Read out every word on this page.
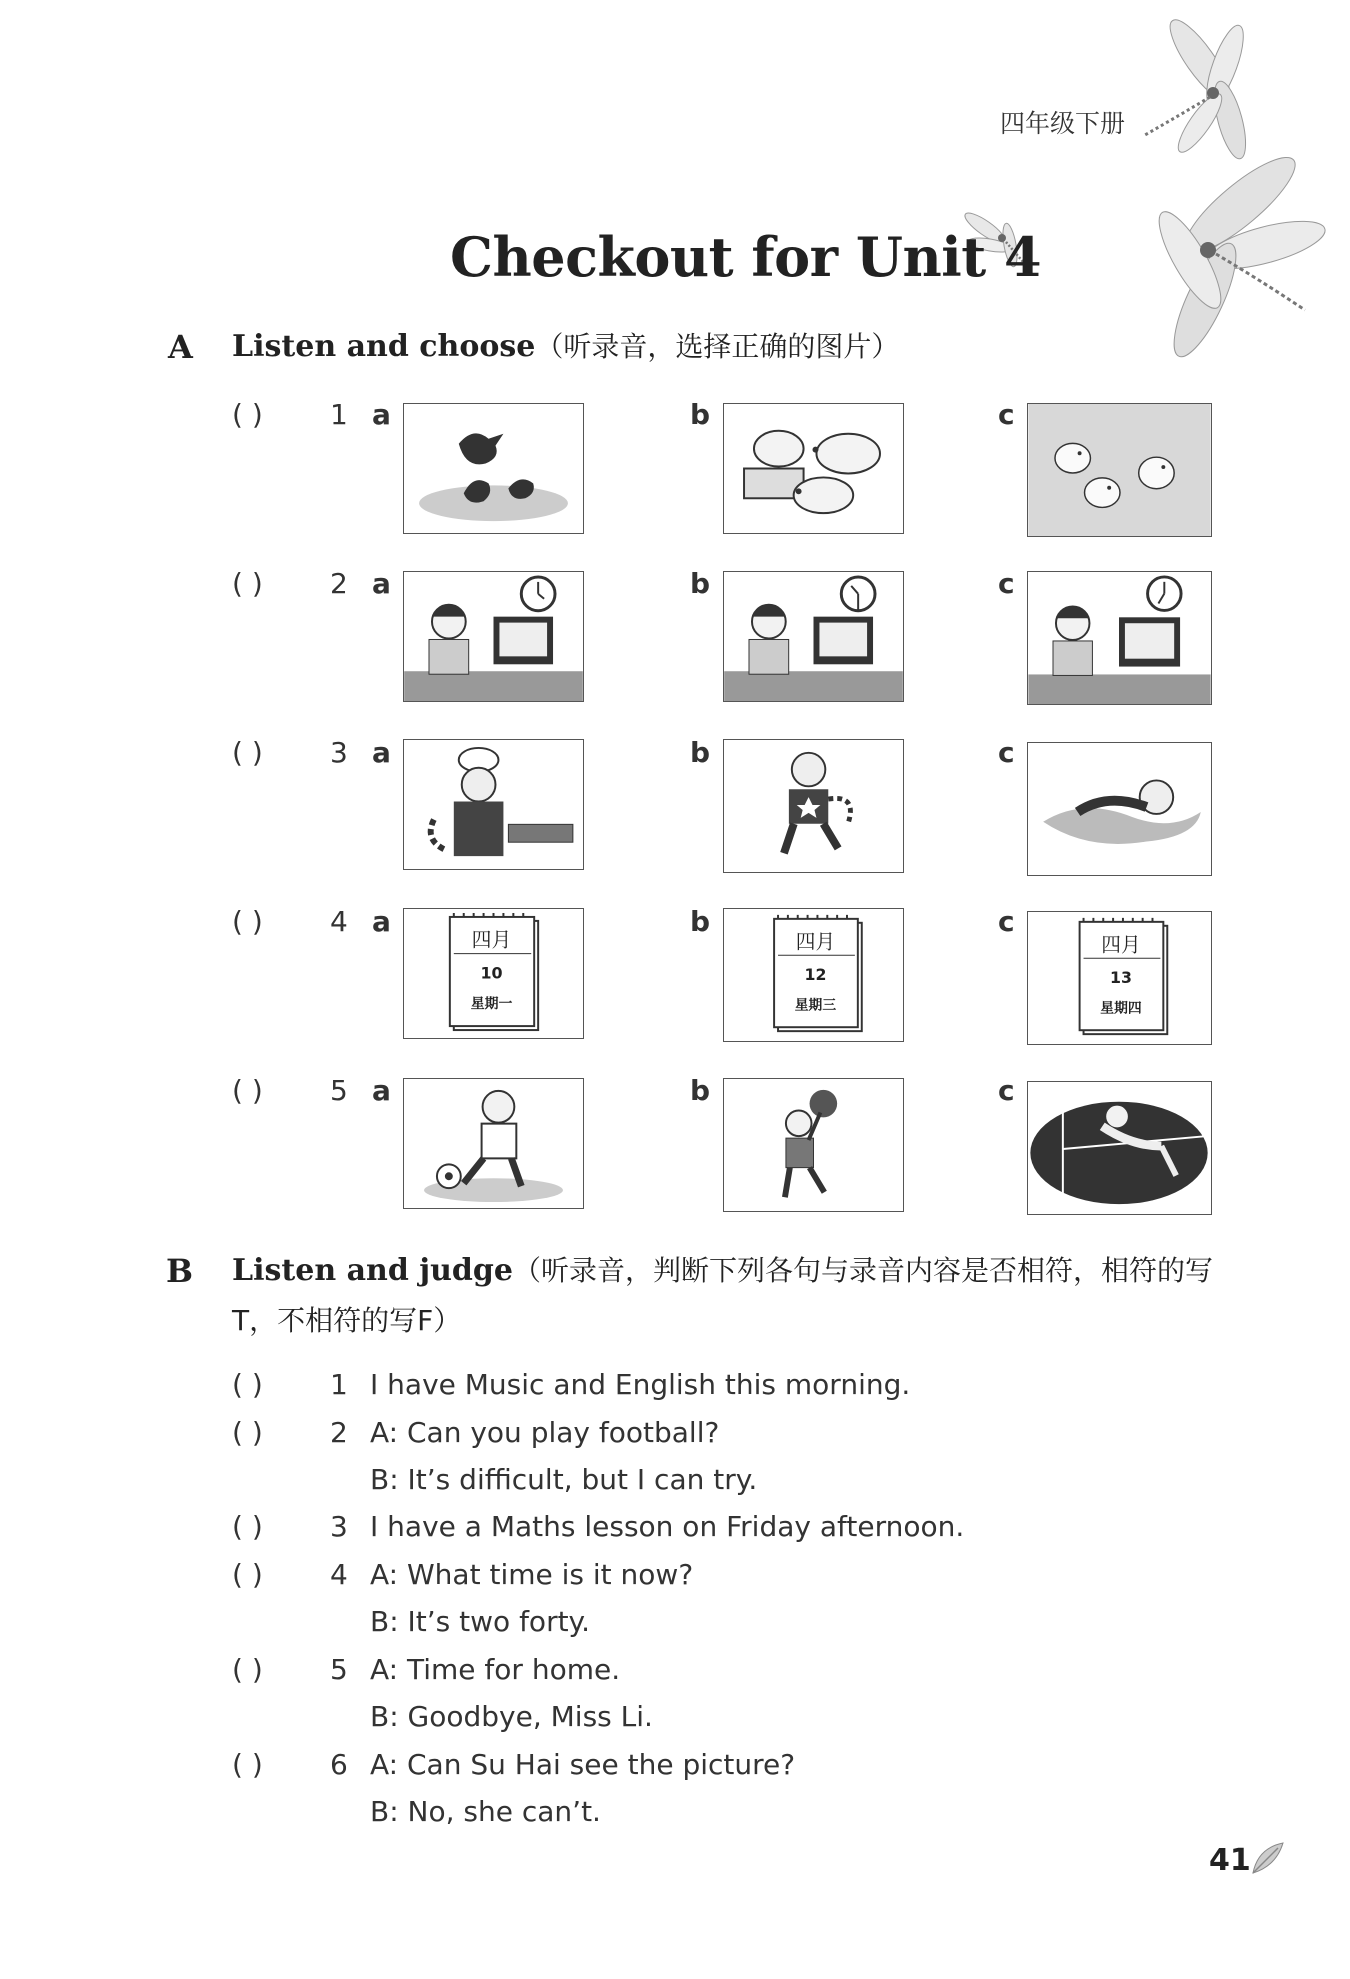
四年级下册
Checkout for Unit 4
A Listen and choose（听录音，选择正确的图片）
( ) 1 a	b	c
( ) 2 a	b	c
( ) 3 a	b	c
( ) 4 a	b	c
四月
10
星期一
四月
12
星期三
四月
13
星期四
( ) 5 a	b	c
B Listen and judge（听录音，判断下列各句与录音内容是否相符，相符的写T，不相符的写F）
( ) 1 I have Music and English this morning.
( ) 2 A: Can you play football?
B: It’s difficult, but I can try.
( ) 3 I have a Maths lesson on Friday afternoon.
( ) 4 A: What time is it now?
B: It’s two forty.
( ) 5 A: Time for home.
B: Goodbye, Miss Li.
( ) 6 A: Can Su Hai see the picture?
B: No, she can’t.
41
